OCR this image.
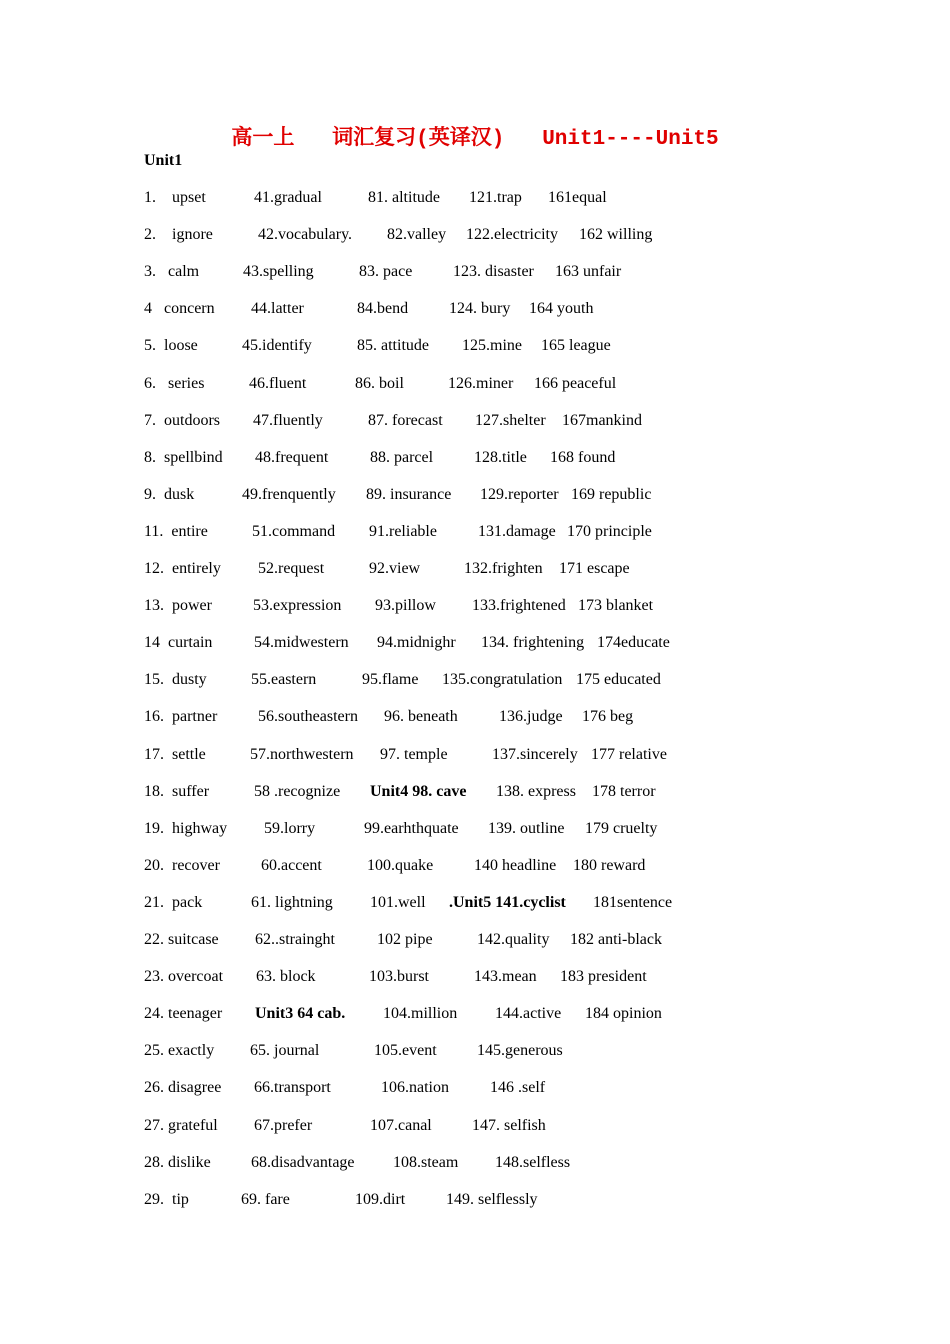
高一上   词汇复习(英译汉)   Unit1----Unit5
Unit1
1.    upset	41.gradual	81. altitude 121.trap 161equal
2.    ignore	42.vocabulary. 82.valley 122.electricity 162 willing
3.   calm	43.spelling	83. pace	123. disaster 163 unfair
4   concern 44.latter	84.bend	124. bury 164 youth
5.  loose	45.identify	85. attitude 125.mine 165 league
6.   series	46.fluent	86. boil	126.miner 166 peaceful
7.  outdoors 47.fluently	87. forecast 127.shelter 167mankind
8.  spellbind 48.frequent	88. parcel	128.title 168 found
9.  dusk	49.frenquently 89. insurance 129.reporter 169 republic
11.  entire	51.command 91.reliable	131.damage 170 principle
12.  entirely 52.request	92.view	132.frighten 171 escape
13.  power	53.expression 93.pillow 133.frightened 173 blanket
14  curtain	54.midwestern 94.midnighr 134. frightening 174educate
15.  dusty	55.eastern	95.flame 135.congratulation 175 educated
16.  partner	56.southeastern 96. beneath	136.judge 176 beg
17.  settle	57.northwestern 97. temple	137.sincerely 177 relative
18.  suffer	58 .recognize Unit4 98. cave 138. express 178 terror
19.  highway 59.lorry	99.earhthquate 139. outline 179 cruelty
20.  recover	60.accent	100.quake	140 headline 180 reward
21.  pack	61. lightning 101.well .Unit5 141.cyclist 181sentence
22. suitcase 62..strainght	102 pipe	142.quality 182 anti-black
23. overcoat 63. block	103.burst	143.mean 183 president
24. teenager Unit3 64 cab. 104.million 144.active 184 opinion
25. exactly 65. journal	105.event	145.generous
26. disagree 66.transport	106.nation	146 .self
27. grateful 67.prefer	107.canal	147. selfish
28. dislike	68.disadvantage 108.steam 148.selfless
29.  tip	69. fare	109.dirt	149. selflessly
